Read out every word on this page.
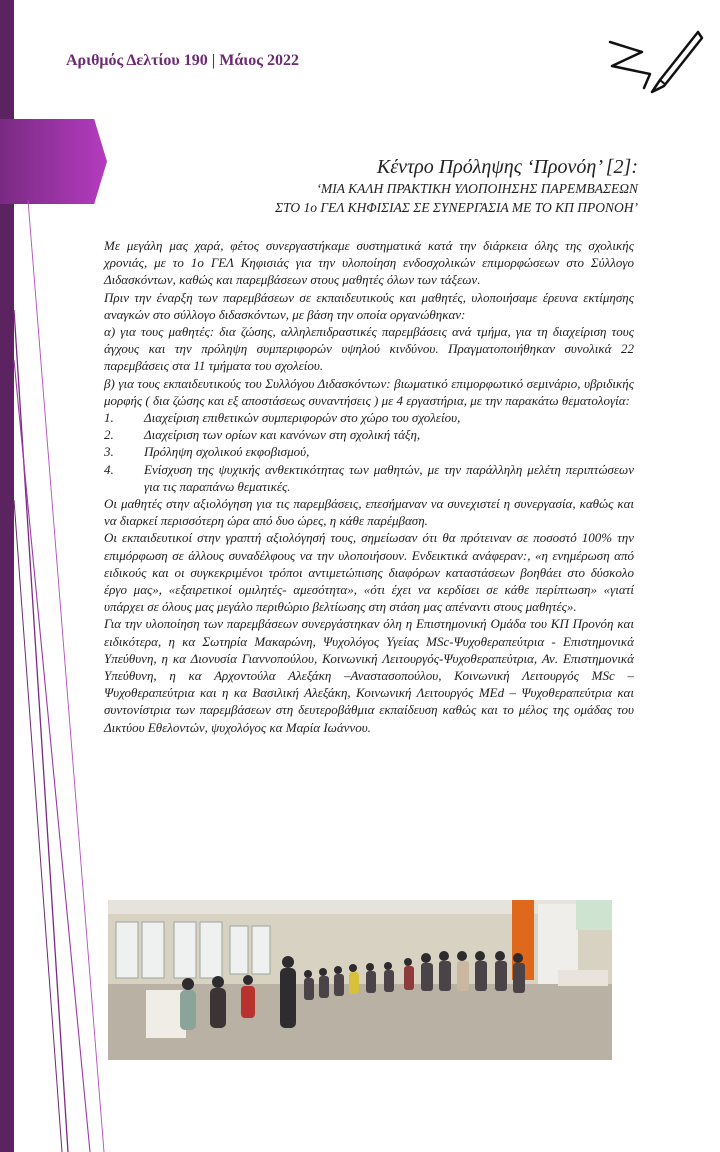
Αριθμός Δελτίου 190 | Μάιος 2022
Κέντρο Πρόληψης ‘Προνόη’ [2]:
‘ΜΙΑ ΚΑΛΗ ΠΡΑΚΤΙΚΗ ΥΛΟΠΟΙΗΣΗΣ ΠΑΡΕΜΒΑΣΕΩΝ
ΣΤΟ 1ο ΓΕΛ ΚΗΦΙΣΙΑΣ ΣΕ ΣΥΝΕΡΓΑΣΙΑ ΜΕ ΤΟ ΚΠ ΠΡΟΝΟΗ’

Με μεγάλη μας χαρά, φέτος συνεργαστήκαμε συστηματικά κατά την διάρκεια όλης της σχολικής χρονιάς, με το 1ο ΓΕΛ Κηφισιάς για την υλοποίηση ενδοσχολικών επιμορφώσεων στο Σύλλογο Διδασκόντων, καθώς και παρεμβάσεων στους μαθητές όλων των τάξεων.

Πριν την έναρξη των παρεμβάσεων σε εκπαιδευτικούς και μαθητές, υλοποιήσαμε έρευνα εκτίμησης αναγκών στο σύλλογο διδασκόντων, με βάση την οποία οργανώθηκαν:

α) για τους μαθητές: δια ζώσης, αλληλεπιδραστικές παρεμβάσεις ανά τμήμα, για τη διαχείριση τους άγχους και την πρόληψη συμπεριφορών υψηλού κινδύνου. Πραγματοποιήθηκαν συνολικά 22 παρεμβάσεις στα 11 τμήματα του σχολείου.

β) για τους εκπαιδευτικούς του Συλλόγου Διδασκόντων: βιωματικό επιμορφωτικό σεμινάριο, υβριδικής μορφής ( δια ζώσης και εξ αποστάσεως συναντήσεις ) με 4 εργαστήρια, με την παρακάτω θεματολογία:

1.	Διαχείριση επιθετικών συμπεριφορών στο χώρο του σχολείου,
2.	Διαχείριση των ορίων και κανόνων στη σχολική τάξη,
3.	Πρόληψη σχολικού εκφοβισμού,
4.	Ενίσχυση της ψυχικής ανθεκτικότητας των μαθητών, με την παράλληλη μελέτη περιπτώσεων για τις παραπάνω θεματικές.

Οι μαθητές στην αξιολόγηση για τις παρεμβάσεις, επεσήμαναν να συνεχιστεί η συνεργασία, καθώς και να διαρκεί περισσότερη ώρα από δυο ώρες, η κάθε παρέμβαση.

Οι εκπαιδευτικοί στην γραπτή αξιολόγησή τους, σημείωσαν ότι θα πρότειναν σε ποσοστό 100% την επιμόρφωση σε άλλους συναδέλφους να την υλοποιήσουν. Ενδεικτικά ανάφεραν:, «η ενημέρωση από ειδικούς και οι συγκεκριμένοι τρόποι αντιμετώπισης διαφόρων καταστάσεων βοηθάει στο δύσκολο έργο μας», «εξαιρετικοί ομιλητές- αμεσότητα», «ότι έχει να κερδίσει σε κάθε περίπτωση» «γιατί υπάρχει σε όλους μας μεγάλο περιθώριο βελτίωσης στη στάση μας απέναντι στους μαθητές».

Για την υλοποίηση των παρεμβάσεων συνεργάστηκαν όλη η Επιστημονική Ομάδα του ΚΠ Προνόη και ειδικότερα, η κα Σωτηρία Μακαρώνη, Ψυχολόγος Υγείας MSc-Ψυχοθεραπεύτρια - Επιστημονικά Υπεύθυνη, η κα Διονυσία Γιαννοπούλου, Κοινωνική Λειτουργός-Ψυχοθεραπεύτρια, Αν. Επιστημονικά Υπεύθυνη, η κα Αρχοντούλα Αλεξάκη –Αναστασοπούλου, Κοινωνική Λειτουργός MSc – Ψυχοθεραπεύτρια και η κα Βασιλική Αλεξάκη, Κοινωνική Λειτουργός MEd – Ψυχοθεραπεύτρια και συντονίστρια των παρεμβάσεων στη δευτεροβάθμια εκπαίδευση καθώς και το μέλος της ομάδας του Δικτύου Εθελοντών, ψυχολόγος κα Μαρία Ιωάννου.
